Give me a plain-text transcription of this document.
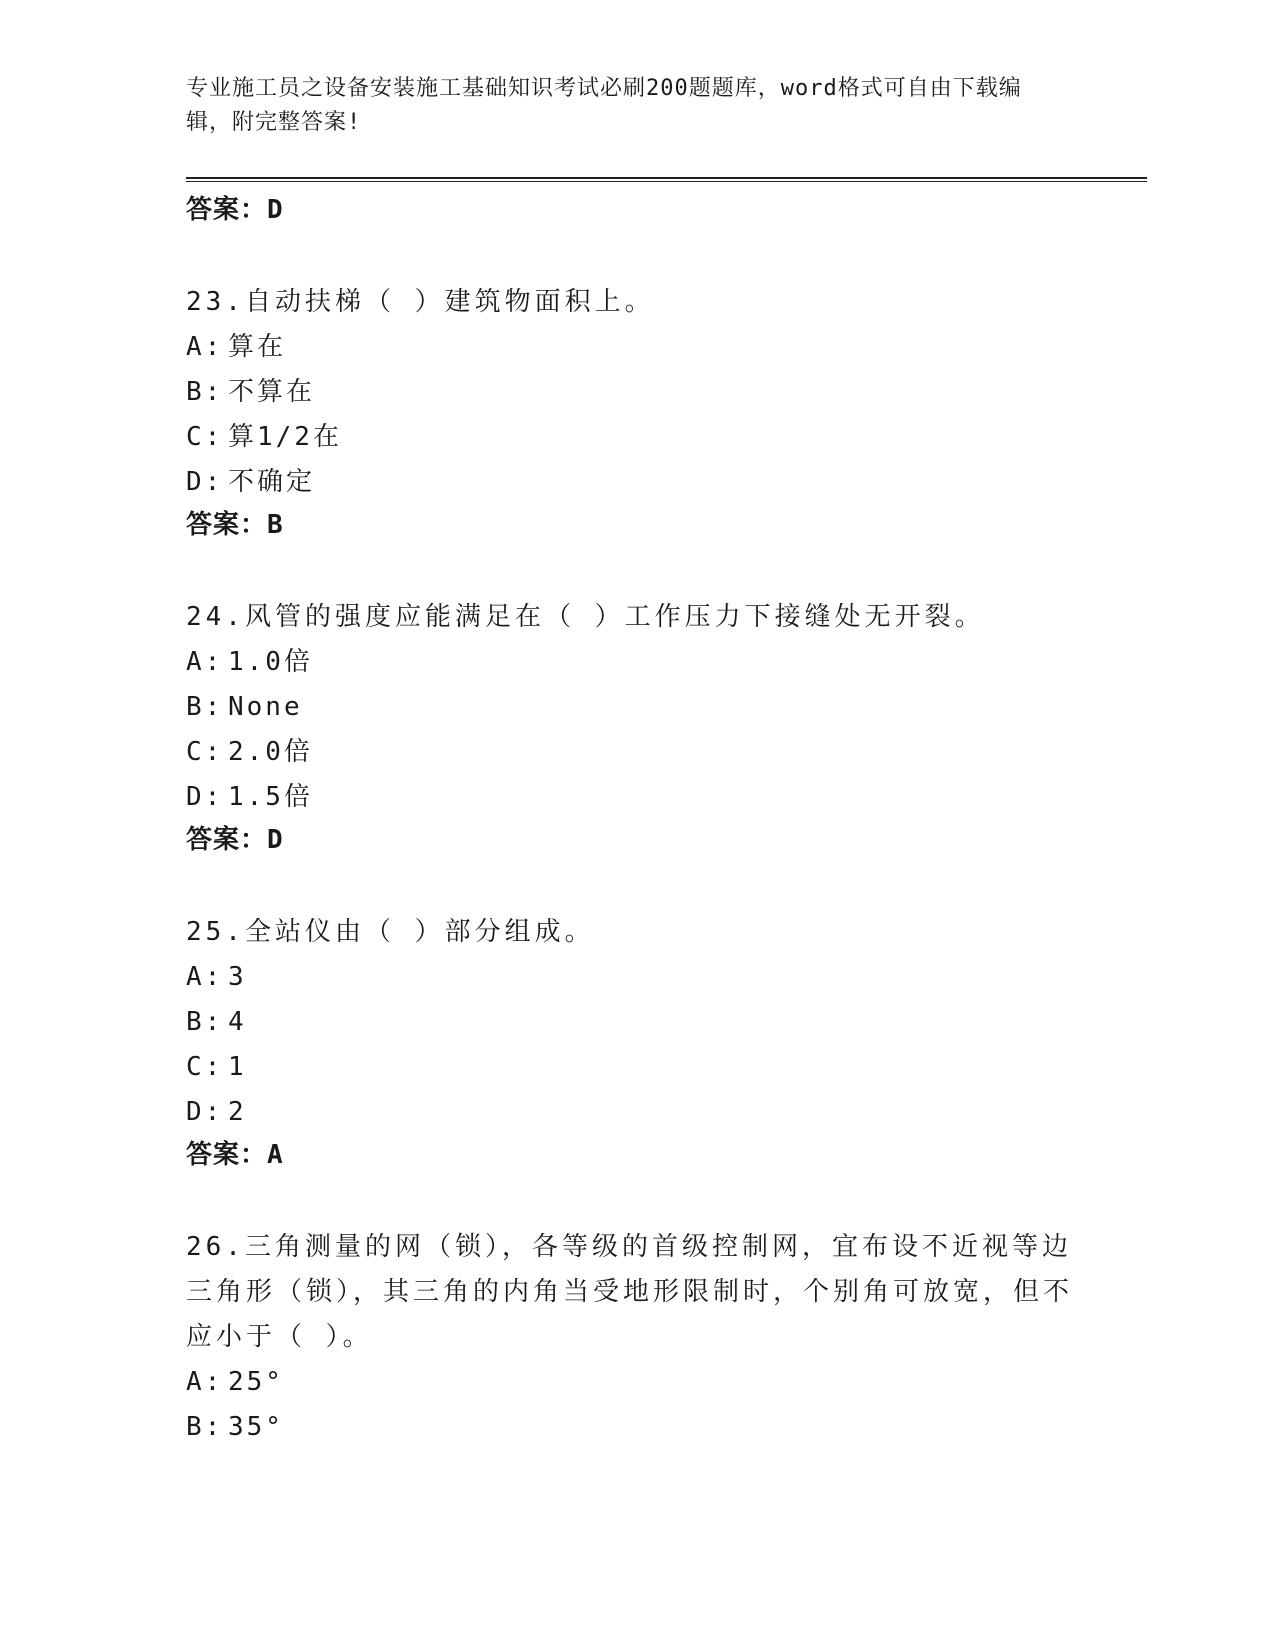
专业施工员之设备安装施工基础知识考试必刷200题题库，word格式可自由下载编辑，附完整答案!
答案：D
23.自动扶梯（ ）建筑物面积上。
A: 算在
B: 不算在
C: 算1/2在
D: 不确定
答案：B
24.风管的强度应能满足在（ ）工作压力下接缝处无开裂。
A: 1.0倍
B: None
C: 2.0倍
D: 1.5倍
答案：D
25.全站仪由（ ）部分组成。
A: 3
B: 4
C: 1
D: 2
答案：A
26.三角测量的网（锁），各等级的首级控制网，宜布设不近视等边三角形（锁），其三角的内角当受地形限制时，个别角可放宽，但不应小于（ ）。
A: 25°
B: 35°
